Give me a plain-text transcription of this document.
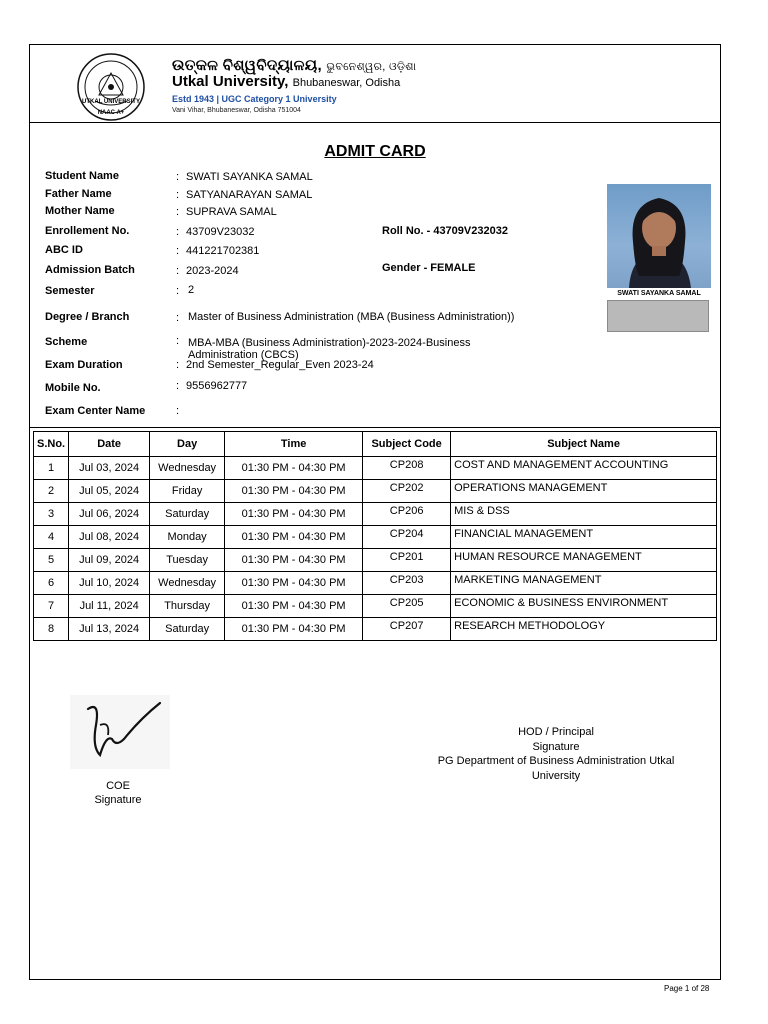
UTKAL UNIVERSITY
NAAC A+
ଉତ୍କଳ ବିଶ୍ୱବିଦ୍ୟାଳୟ, ଭୁବନେଶ୍ୱର, ଓଡ଼ିଶା
Utkal University, Bhubaneswar, Odisha
Estd 1943 | UGC Category 1 University
Vani Vihar, Bhubaneswar, Odisha 751004
ADMIT CARD
Student Name	: SWATI SAYANKA SAMAL
Father Name	: SATYANARAYAN SAMAL
Mother Name	: SUPRAVA SAMAL
Enrollement No.	: 43709V23032	Roll No. - 43709V232032
ABC ID	: 441221702381
Admission Batch	: 2023-2024	Gender - FEMALE
Semester	: 2
Degree / Branch	: Master of Business Administration (MBA (Business Administration))
Scheme	: MBA-MBA (Business Administration)-2023-2024-Business Administration (CBCS)
Exam Duration	: 2nd Semester_Regular_Even 2023-24
Mobile No.	: 9556962777
Exam Center Name	:
SWATI SAYANKA SAMAL
S.No.	Date	Day	Time	Subject Code	Subject Name
1	Jul 03, 2024	Wednesday	01:30 PM - 04:30 PM	CP208	COST AND MANAGEMENT ACCOUNTING
2	Jul 05, 2024	Friday	01:30 PM - 04:30 PM	CP202	OPERATIONS MANAGEMENT
3	Jul 06, 2024	Saturday	01:30 PM - 04:30 PM	CP206	MIS & DSS
4	Jul 08, 2024	Monday	01:30 PM - 04:30 PM	CP204	FINANCIAL MANAGEMENT
5	Jul 09, 2024	Tuesday	01:30 PM - 04:30 PM	CP201	HUMAN RESOURCE MANAGEMENT
6	Jul 10, 2024	Wednesday	01:30 PM - 04:30 PM	CP203	MARKETING MANAGEMENT
7	Jul 11, 2024	Thursday	01:30 PM - 04:30 PM	CP205	ECONOMIC & BUSINESS ENVIRONMENT
8	Jul 13, 2024	Saturday	01:30 PM - 04:30 PM	CP207	RESEARCH METHODOLOGY
COE
Signature
HOD / Principal
Signature
PG Department of Business Administration Utkal
University
Page 1 of 28
